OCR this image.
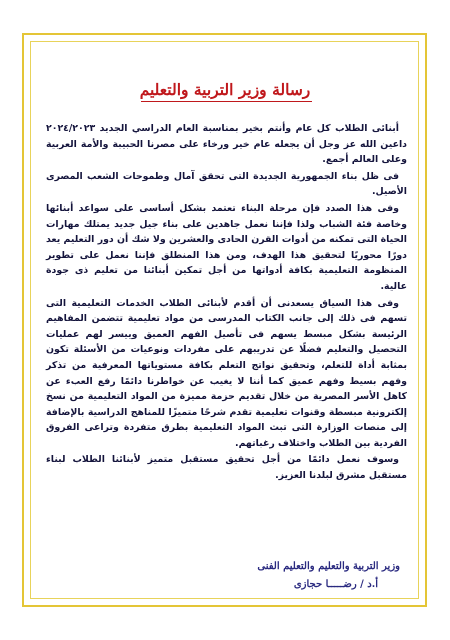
رسالة وزير التربية والتعليم

أبنائى الطلاب كل عام وأنتم بخير بمناسبة العام الدراسي الجديد ٢٠٢٤/٢٠٢٣ داعين الله عز وجل أن يجعله عام خير ورخاء على مصرنا الحبيبة والأمة العربية وعلى العالم أجمع.

فى ظل بناء الجمهورية الجديدة التى تحقق آمال وطموحات الشعب المصرى الأصيل.

وفى هذا الصدد فإن مرحلة البناء تعتمد بشكل أساسى على سواعد أبنائها وخاصة فئة الشباب ولذا فإننا نعمل جاهدين على بناء جيل جديد يمتلك مهارات الحياة التى تمكنه من أدوات القرن الحادى والعشرين ولا شك أن دور التعليم يعد دورًا محوريًا لتحقيق هذا الهدف، ومن هذا المنطلق فإننا نعمل على تطوير المنظومة التعليمية بكافة أدواتها من أجل تمكين أبنائنا من تعليم ذى جودة عالية.

وفى هذا السياق يسعدنى أن أقدم لأبنائى الطلاب الخدمات التعليمية التى تسهم فى ذلك إلى جانب الكتاب المدرسى من مواد تعليمية تتضمن المفاهيم الرئيسة بشكل مبسط يسهم فى تأصيل الفهم العميق وييسر لهم عمليات التحصيل والتعليم فضلًا عن تدريبهم على مفردات ونوعيات من الأسئلة تكون بمثابة أداة للتعلم، وتحقيق نواتج التعلم بكافة مستوياتها المعرفية من تذكر وفهم بسيط وفهم عميق كما أننا لا يغيب عن خواطرنا دائمًا رفع العبء عن كاهل الأسر المصرية من خلال تقديم حزمة مميزة من المواد التعليمية من نسخ إلكترونية مبسطة وقنوات تعليمية تقدم شرحًا متميزًا للمناهج الدراسية بالإضافة إلى منصات الوزارة التى تبث المواد التعليمية بطرق متفردة وتراعى الفروق الفردية بين الطلاب واختلاف رغباتهم.

وسوف نعمل دائمًا من أجل تحقيق مستقبل متميز لأبنائنا الطلاب لبناء مستقبل مشرق لبلدنا العزيز.

وزير التربية والتعليم والتعليم الفنى
أ.د / رضـــــا حجازى
